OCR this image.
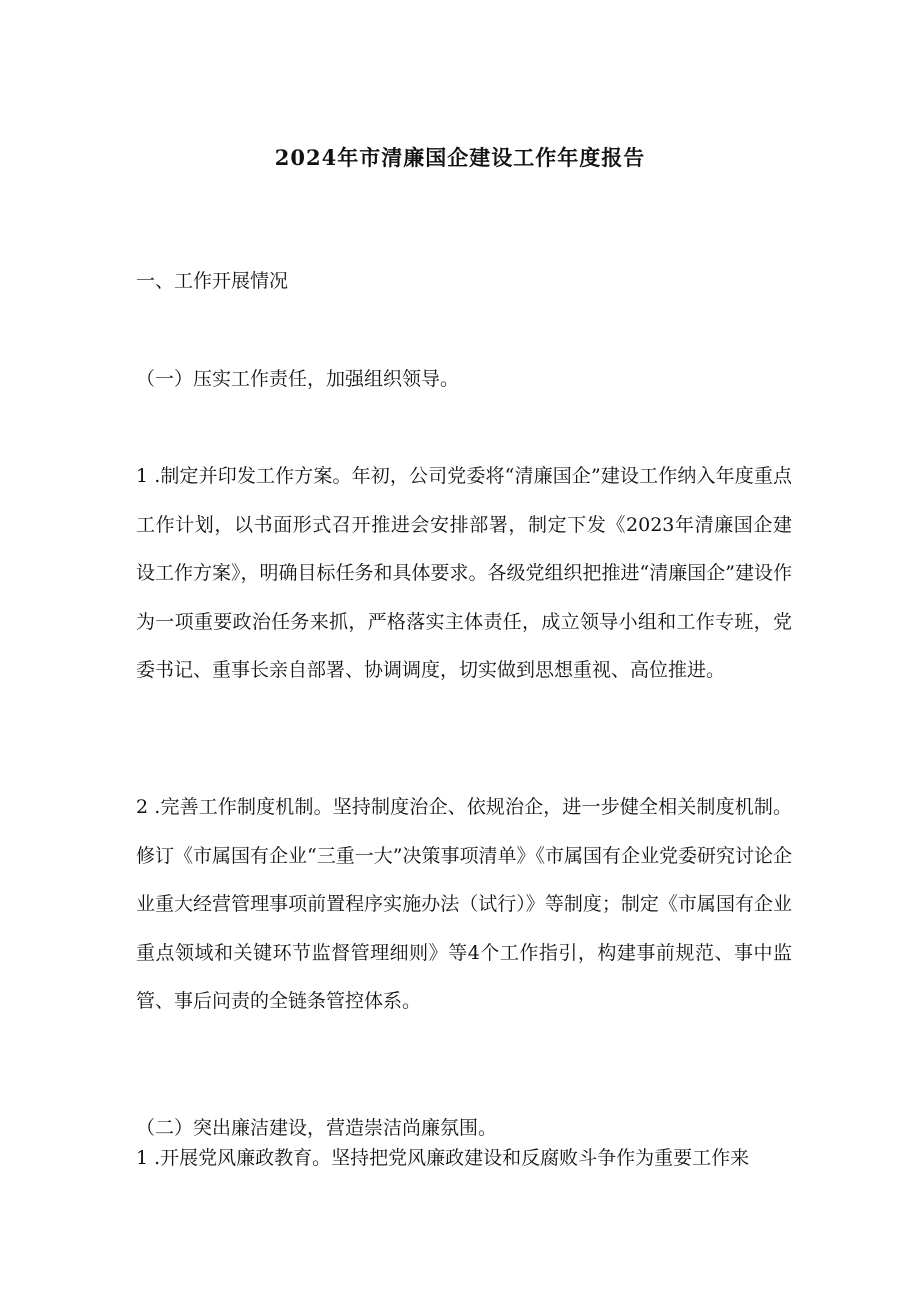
2024年市清廉国企建设工作年度报告
一、工作开展情况
（一）压实工作责任，加强组织领导。
1 .制定并印发工作方案。年初，公司党委将“清廉国企”建设工作纳入年度重点工作计划，以书面形式召开推进会安排部署，制定下发《2023年清廉国企建设工作方案》，明确目标任务和具体要求。各级党组织把推进“清廉国企”建设作为一项重要政治任务来抓，严格落实主体责任，成立领导小组和工作专班，党委书记、重事长亲自部署、协调调度，切实做到思想重视、高位推进。
2 .完善工作制度机制。坚持制度治企、依规治企，进一步健全相关制度机制。修订《市属国有企业“三重一大”决策事项清单》《市属国有企业党委研究讨论企业重大经营管理事项前置程序实施办法（试行）》等制度；制定《市属国有企业重点领域和关键环节监督管理细则》等4个工作指引，构建事前规范、事中监管、事后问责的全链条管控体系。
（二）突出廉洁建设，营造崇洁尚廉氛围。
1 .开展党风廉政教育。坚持把党风廉政建设和反腐败斗争作为重要工作来
